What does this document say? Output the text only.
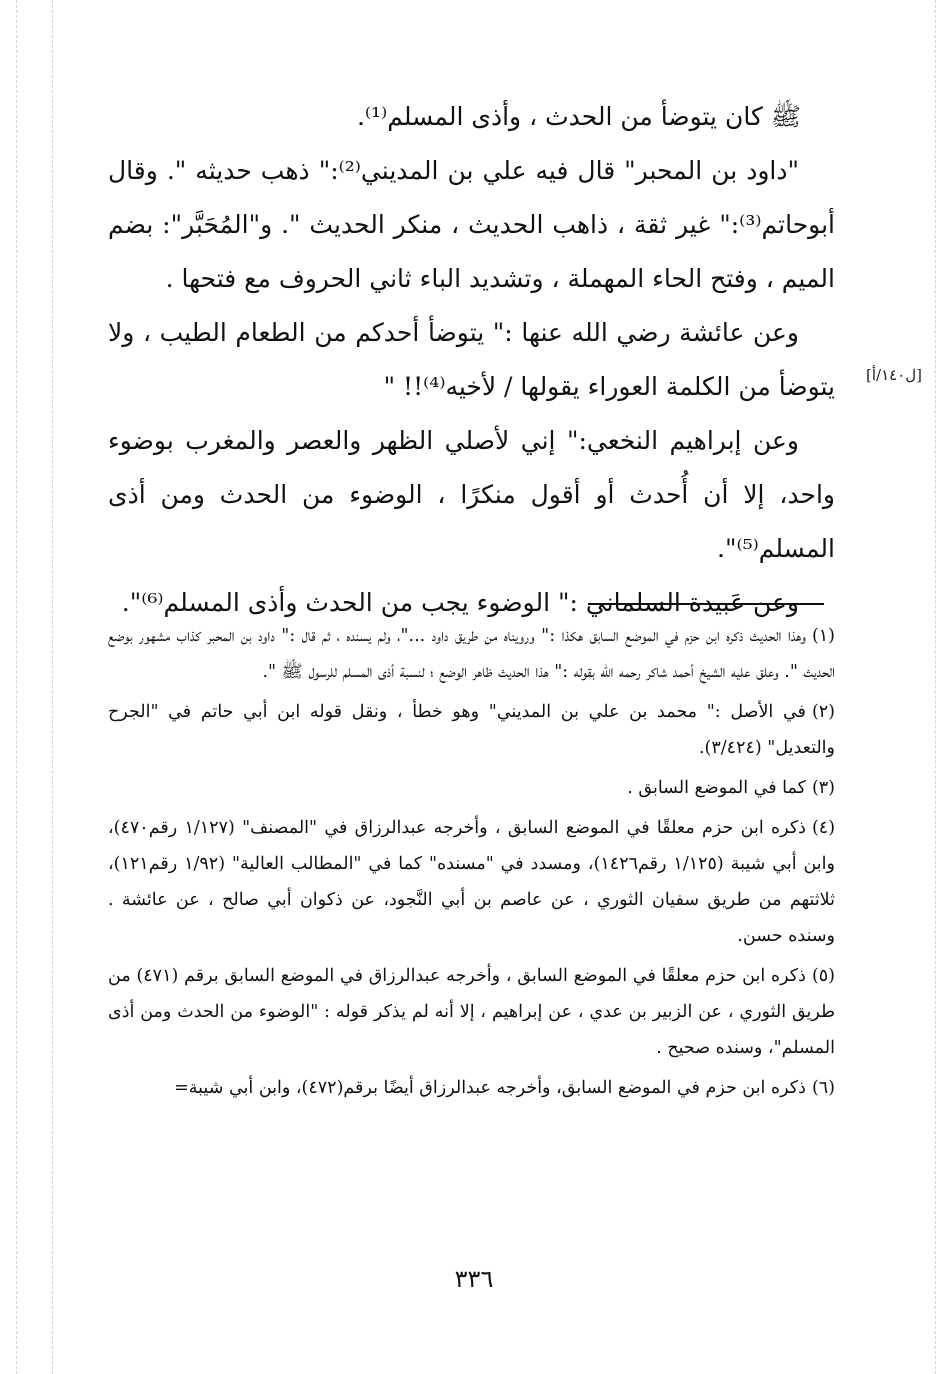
ﷺ كان يتوضأ من الحدث ، وأذى المسلم⁽¹⁾.

"داود بن المحبر" قال فيه علي بن المديني⁽²⁾:" ذهب حديثه ". وقال أبوحاتم⁽³⁾:" غير ثقة ، ذاهب الحديث ، منكر الحديث ". و"المُحَبَّر": بضم الميم ، وفتح الحاء المهملة ، وتشديد الباء ثاني الحروف مع فتحها .

وعن عائشة رضي الله عنها :" يتوضأ أحدكم من الطعام الطيب ، ولا يتوضأ من الكلمة العوراء يقولها / لأخيه⁽⁴⁾!! "

وعن إبراهيم النخعي:" إني لأصلي الظهر والعصر والمغرب بوضوء واحد، إلا أن أُحدث أو أقول منكرًا ، الوضوء من الحدث ومن أذى المسلم⁽⁵⁾".

وعن عَبيدة السلماني :" الوضوء يجب من الحدث وأذى المسلم⁽⁶⁾".

[ل١٤٠/أ]

(١)وهذا الحديث ذكره ابن حزم في الموضع السابق هكذا :" ورويناه من طريق داود ..."، ولم يسنده ، ثم قال :" داود بن المحبر كذاب مشهور بوضع الحديث ". وعلق عليه الشيخ أحمد شاكر رحمه الله بقوله :" هذا الحديث ظاهر الوضع ؛ لنسبة أذى المسلم للرسول ﷺ ".

(٢)في الأصل :" محمد بن علي بن المديني" وهو خطأ ، ونقل قوله ابن أبي حاتم في "الجرح والتعديل" (٣/٤٢٤).

(٣)كما في الموضع السابق .

(٤)ذكره ابن حزم معلقًا في الموضع السابق ، وأخرجه عبدالرزاق في "المصنف" (١/١٢٧ رقم٤٧٠)، وابن أبي شيبة (١/١٢٥ رقم١٤٢٦)، ومسدد في "مسنده" كما في "المطالب العالية" (١/٩٢ رقم١٢١)، ثلاثتهم من طريق سفيان الثوري ، عن عاصم بن أبي النَّجود، عن ذكوان أبي صالح ، عن عائشة . وسنده حسن.

(٥)ذكره ابن حزم معلقًا في الموضع السابق ، وأخرجه عبدالرزاق في الموضع السابق برقم (٤٧١) من طريق الثوري ، عن الزبير بن عدي ، عن إبراهيم ، إلا أنه لم يذكر قوله : "الوضوء من الحدث ومن أذى المسلم"، وسنده صحيح .

(٦)ذكره ابن حزم في الموضع السابق، وأخرجه عبدالرزاق أيضًا برقم(٤٧٢)، وابن أبي شيبة=

٣٣٦
